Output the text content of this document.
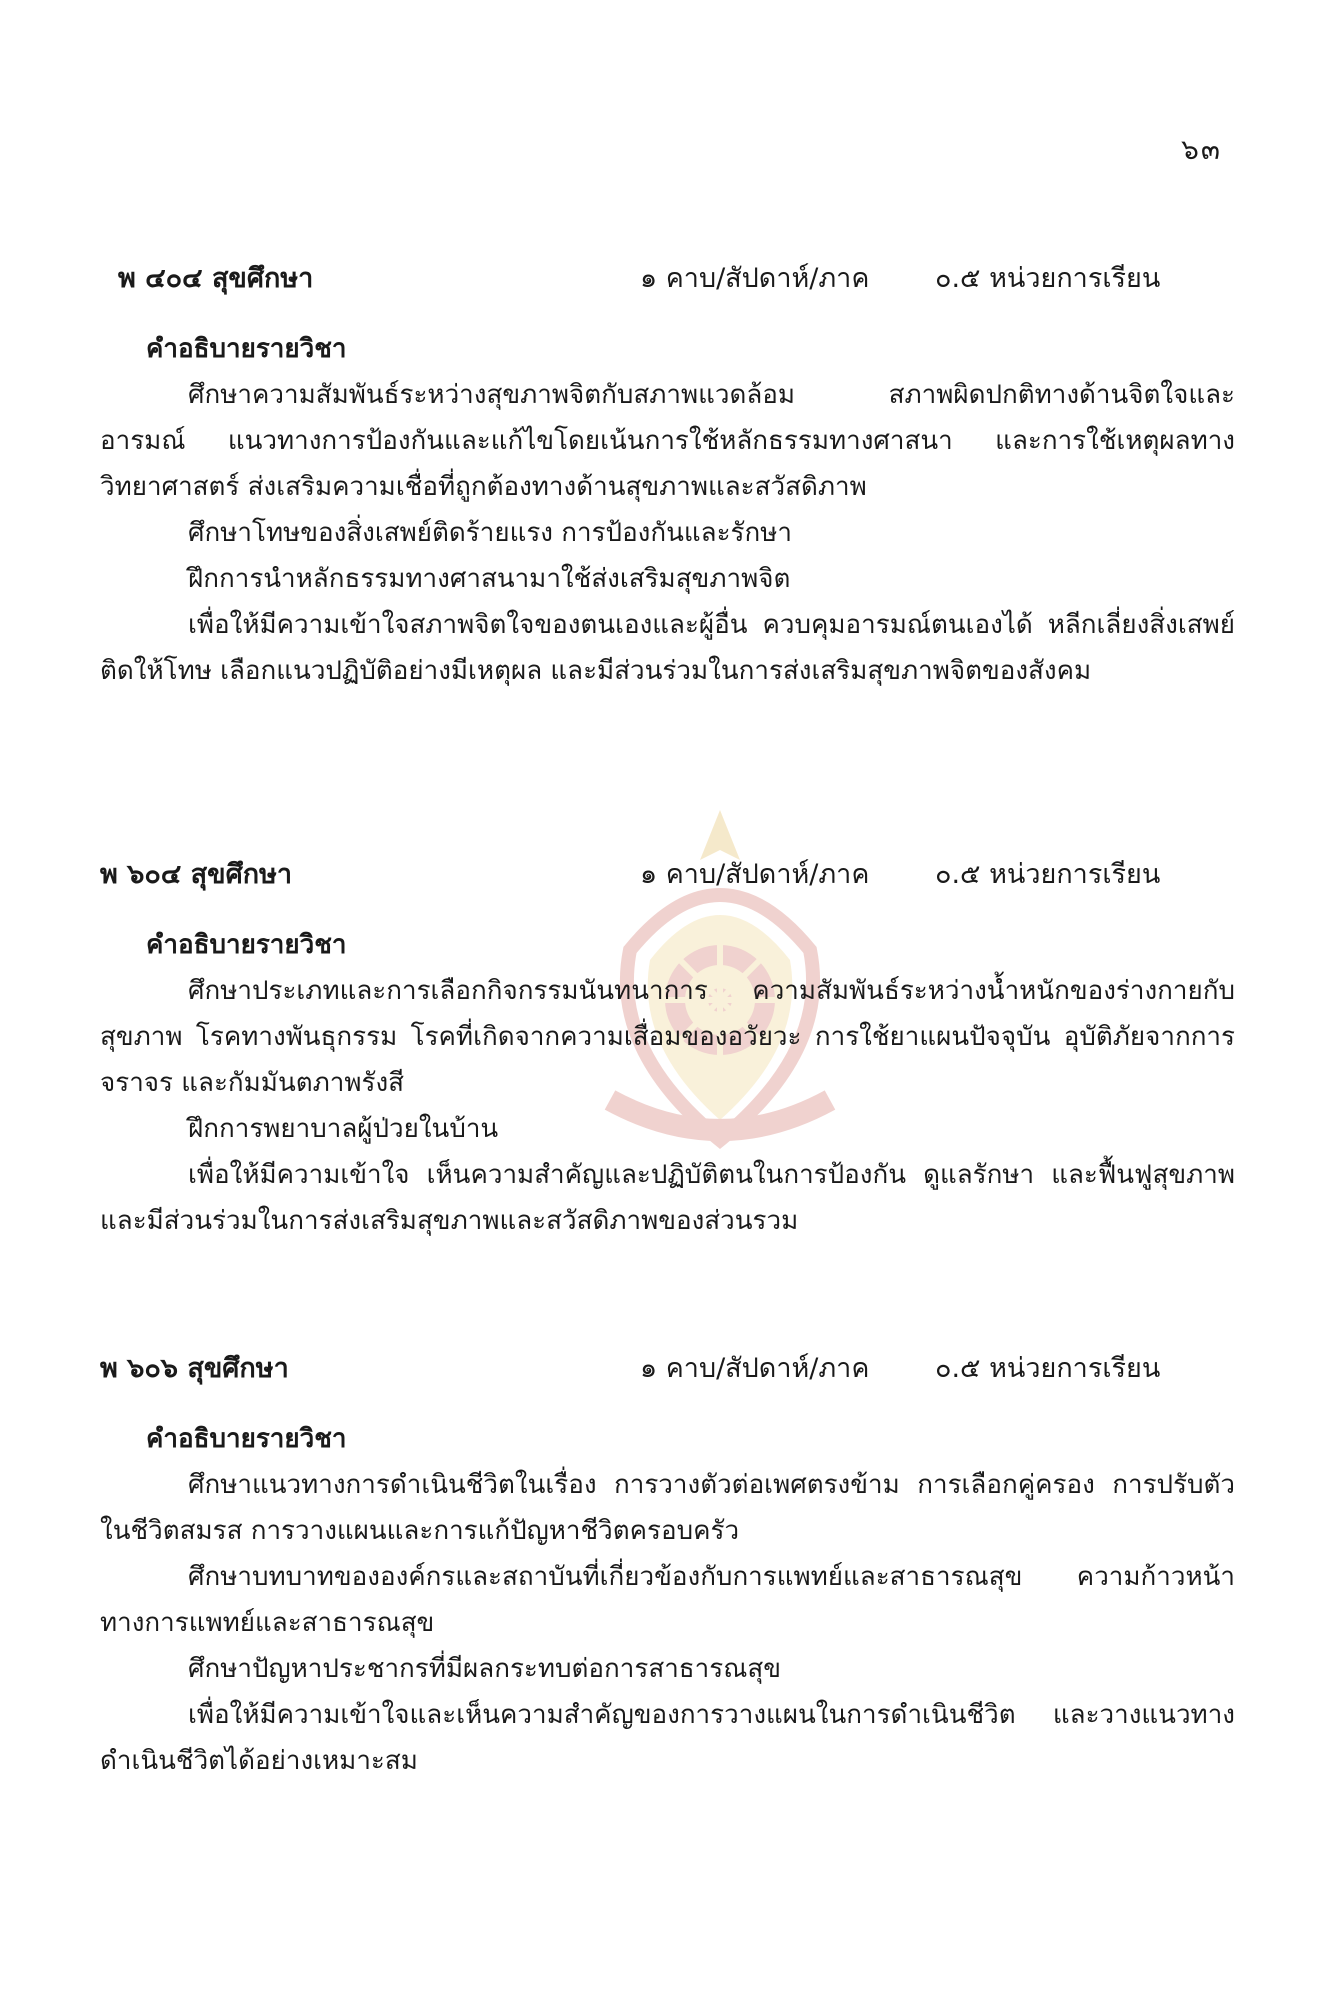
๖๓
พ ๔๐๔ สุขศึกษา	๑ คาบ/สัปดาห์/ภาค ๐.๕ หน่วยการเรียน
คำอธิบายรายวิชา
ศึกษาความสัมพันธ์ระหว่างสุขภาพจิตกับสภาพแวดล้อม สภาพผิดปกติทางด้านจิตใจและอารมณ์ แนวทางการป้องกันและแก้ไขโดยเน้นการใช้หลักธรรมทางศาสนา และการใช้เหตุผลทางวิทยาศาสตร์ ส่งเสริมความเชื่อที่ถูกต้องทางด้านสุขภาพและสวัสดิภาพ
ศึกษาโทษของสิ่งเสพย์ติดร้ายแรง การป้องกันและรักษา
ฝึกการนำหลักธรรมทางศาสนามาใช้ส่งเสริมสุขภาพจิต
เพื่อให้มีความเข้าใจสภาพจิตใจของตนเองและผู้อื่น ควบคุมอารมณ์ตนเองได้ หลีกเลี่ยงสิ่งเสพย์ติดให้โทษ เลือกแนวปฏิบัติอย่างมีเหตุผล และมีส่วนร่วมในการส่งเสริมสุขภาพจิตของสังคม
พ ๖๐๔ สุขศึกษา	๑ คาบ/สัปดาห์/ภาค ๐.๕ หน่วยการเรียน
คำอธิบายรายวิชา
ศึกษาประเภทและการเลือกกิจกรรมนันทนาการ ความสัมพันธ์ระหว่างน้ำหนักของร่างกายกับสุขภาพ โรคทางพันธุกรรม โรคที่เกิดจากความเสื่อมของอวัยวะ การใช้ยาแผนปัจจุบัน อุบัติภัยจากการจราจร และกัมมันตภาพรังสี
ฝึกการพยาบาลผู้ป่วยในบ้าน
เพื่อให้มีความเข้าใจ เห็นความสำคัญและปฏิบัติตนในการป้องกัน ดูแลรักษา และฟื้นฟูสุขภาพ และมีส่วนร่วมในการส่งเสริมสุขภาพและสวัสดิภาพของส่วนรวม
พ ๖๐๖ สุขศึกษา	๑ คาบ/สัปดาห์/ภาค ๐.๕ หน่วยการเรียน
คำอธิบายรายวิชา
ศึกษาแนวทางการดำเนินชีวิตในเรื่อง การวางตัวต่อเพศตรงข้าม การเลือกคู่ครอง การปรับตัวในชีวิตสมรส การวางแผนและการแก้ปัญหาชีวิตครอบครัว
ศึกษาบทบาทขององค์กรและสถาบันที่เกี่ยวข้องกับการแพทย์และสาธารณสุข ความก้าวหน้าทางการแพทย์และสาธารณสุข
ศึกษาปัญหาประชากรที่มีผลกระทบต่อการสาธารณสุข
เพื่อให้มีความเข้าใจและเห็นความสำคัญของการวางแผนในการดำเนินชีวิต และวางแนวทางดำเนินชีวิตได้อย่างเหมาะสม
